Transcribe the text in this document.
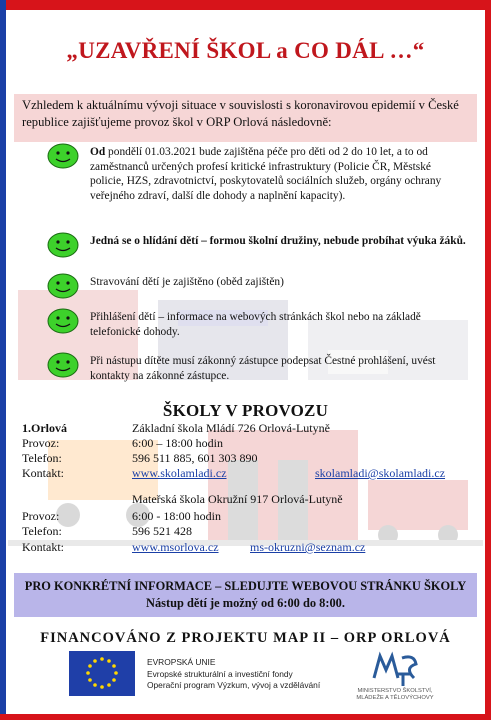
„UZAVŘENÍ ŠKOL a CO DÁL …“
Vzhledem k aktuálnímu vývoji situace v souvislosti s koronavirovou epidemií v České republice zajišťujeme provoz škol v ORP Orlová následovně:
Od pondělí 01.03.2021 bude zajištěna péče pro děti od 2 do 10 let, a to od zaměstnanců určených profesí kritické infrastruktury (Policie ČR, Městské policie, HZS, zdravotnictví, poskytovatelů sociálních služeb, orgány ochrany veřejného zdraví, další dle dohody a naplnění kapacity).
Jedná se o hlídání dětí – formou školní družiny, nebude probíhat výuka žáků.
Stravování dětí je zajištěno (oběd zajištěn)
Přihlášení dětí – informace na webových stránkách škol nebo na základě telefonické dohody.
Při nástupu dítěte musí zákonný zástupce podepsat Čestné prohlášení, uvést kontakty na zákonné zástupce.
ŠKOLY V PROVOZU
1.Orlová	Základní škola Mládí 726 Orlová-Lutyně
Provoz:	6:00 – 18:00 hodin
Telefon:	596 511 885, 601 303 890
Kontakt:	www.skolamladi.cz	skolamladi@skolamladi.cz
Mateřská škola Okružní 917 Orlová-Lutyně
Provoz:	6:00 - 18:00 hodin
Telefon:	596 521 428
Kontakt:	www.msorlova.cz	ms-okruzni@seznam.cz
PRO KONKRÉTNÍ INFORMACE – SLEDUJTE WEBOVOU STRÁNKU ŠKOLY
Nástup dětí je možný od 6:00 do 8:00.
FINANCOVÁNO Z PROJEKTU MAP II – ORP ORLOVÁ
EVROPSKÁ UNIE
Evropské strukturální a investiční fondy
Operační program Výzkum, vývoj a vzdělávání
MINISTERSTVO ŠKOLSTVÍ,
MLÁDEŽE A TĚLOVÝCHOVY
